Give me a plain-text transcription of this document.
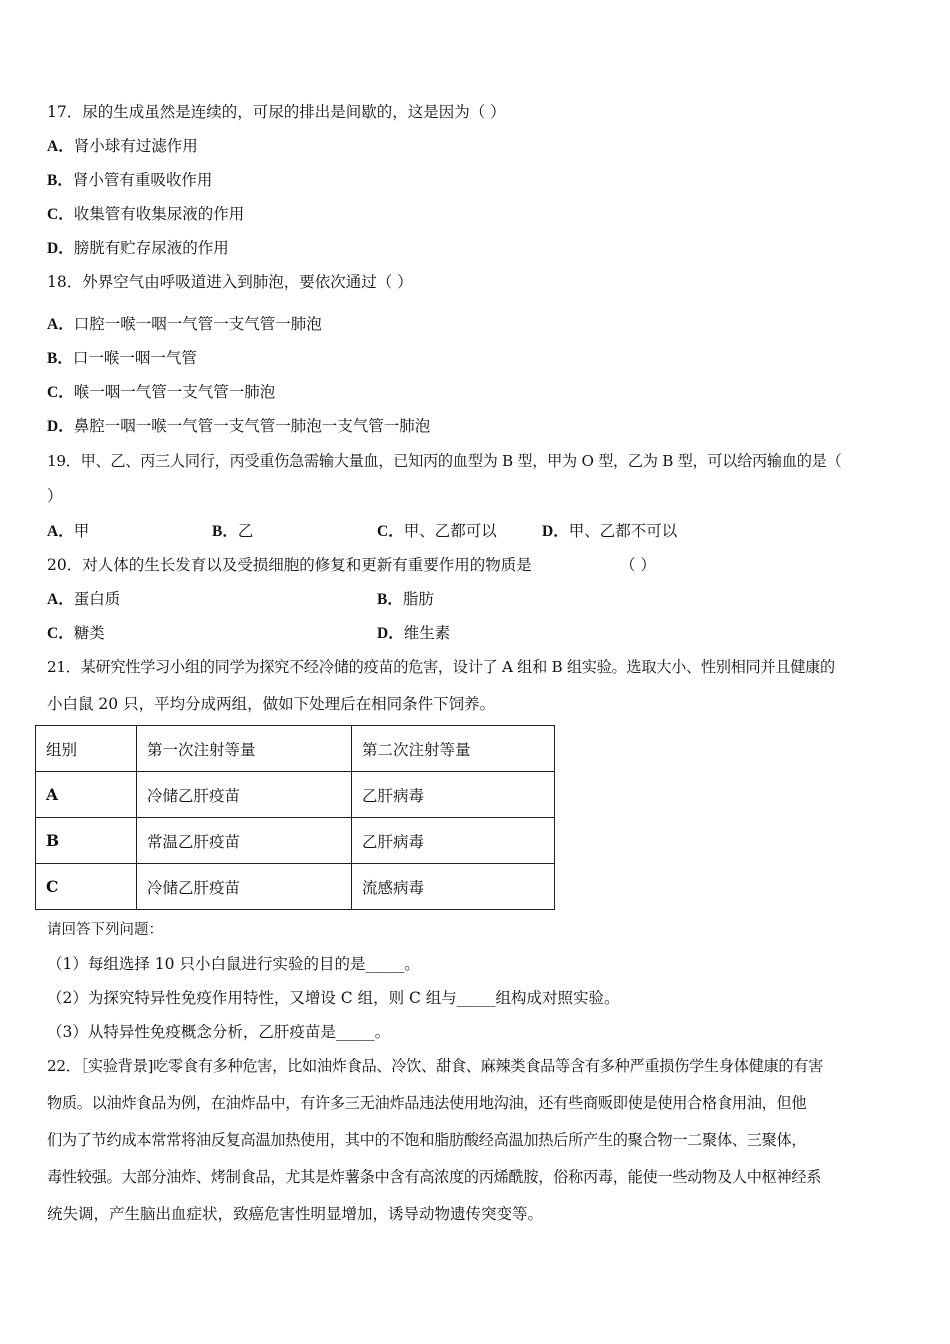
17．尿的生成虽然是连续的，可尿的排出是间歇的，这是因为（ ）
A．肾小球有过滤作用
B．肾小管有重吸收作用
C．收集管有收集尿液的作用
D．膀胱有贮存尿液的作用
18．外界空气由呼吸道进入到肺泡，要依次通过（ ）
A．口腔一喉一咽一气管一支气管一肺泡
B．口一喉一咽一气管
C．喉一咽一气管一支气管一肺泡
D．鼻腔一咽一喉一气管一支气管一肺泡一支气管一肺泡
19．甲、乙、丙三人同行，丙受重伤急需输大量血，已知丙的血型为 B 型，甲为 O 型，乙为 B 型，可以给丙输血的是（
）
A．甲	B．乙	C．甲、乙都可以	D．甲、乙都不可以
20．对人体的生长发育以及受损细胞的修复和更新有重要作用的物质是	（ ）
A．蛋白质	B．脂肪
C．糖类	D．维生素
21．某研究性学习小组的同学为探究不经冷储的疫苗的危害，设计了 A 组和 B 组实验。选取大小、性别相同并且健康的
小白鼠 20 只，平均分成两组，做如下处理后在相同条件下饲养。
组别	第一次注射等量	第二次注射等量
A	冷储乙肝疫苗	乙肝病毒
B	常温乙肝疫苗	乙肝病毒
C	冷储乙肝疫苗	流感病毒
请回答下列问题：
（1）每组选择 10 只小白鼠进行实验的目的是_____。
（2）为探究特异性免疫作用特性，又增设 C 组，则 C 组与_____组构成对照实验。
（3）从特异性免疫概念分析，乙肝疫苗是_____。
22．［实验背景]吃零食有多种危害，比如油炸食品、冷饮、甜食、麻辣类食品等含有多种严重损伤学生身体健康的有害
物质。以油炸食品为例，在油炸品中，有许多三无油炸品违法使用地沟油，还有些商贩即使是使用合格食用油，但他
们为了节约成本常常将油反复高温加热使用，其中的不饱和脂肪酸经高温加热后所产生的聚合物一二聚体、三聚体，
毒性较强。大部分油炸、烤制食品，尤其是炸薯条中含有高浓度的丙烯酰胺，俗称丙毒，能使一些动物及人中枢神经系
统失调，产生脑出血症状，致癌危害性明显增加，诱导动物遗传突变等。
